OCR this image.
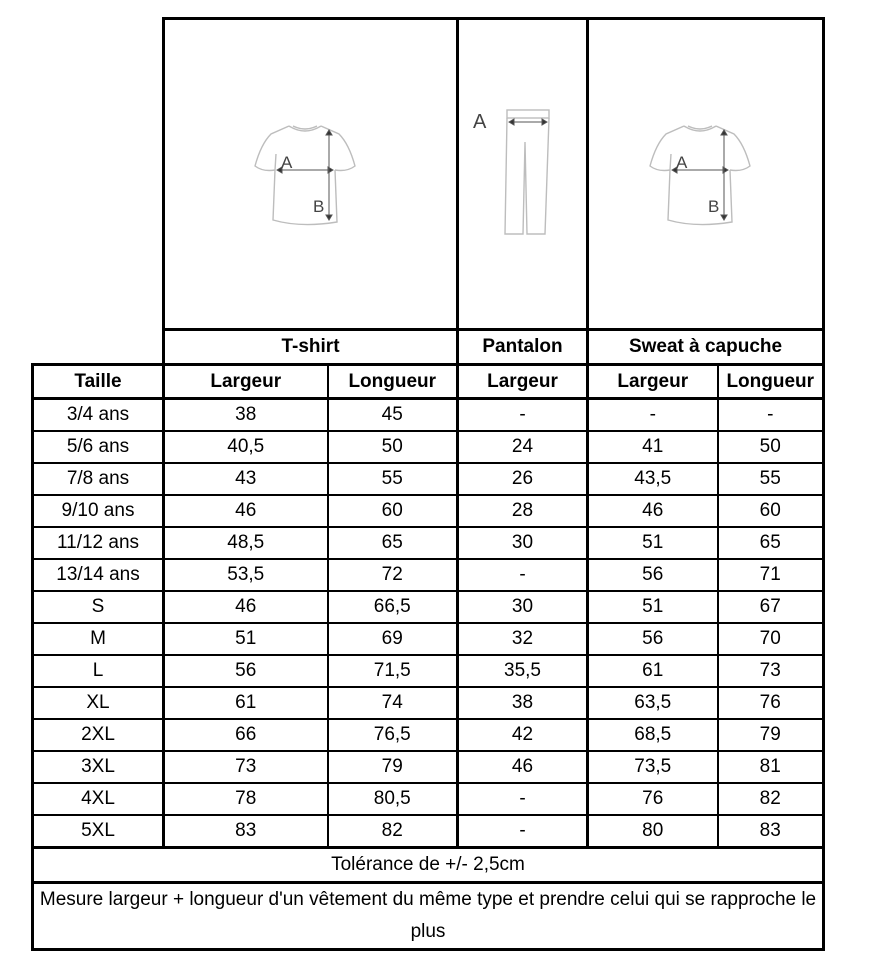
A
B		A	A
B	

	T-shirt		Pantalon	Sweat à capuche	
Taille	Largeur	Longueur	Largeur	Largeur	Longueur
3/4 ans	38	45	-	-	-
5/6 ans	40,5	50	24	41	50
7/8 ans	43	55	26	43,5	55
9/10 ans	46	60	28	46	60
11/12 ans	48,5	65	30	51	65
13/14 ans	53,5	72	-	56	71
S	46	66,5	30	51	67
M	51	69	32	56	70
L	56	71,5	35,5	61	73
XL	61	74	38	63,5	76
2XL	66	76,5	42	68,5	79
3XL	73	79	46	73,5	81
4XL	78	80,5	-	76	82
5XL	83	82	-	80	83
Tolérance de +/- 2,5cm					
Mesure largeur + longueur d'un vêtement du même type et prendre celui qui se rapproche le plus					
